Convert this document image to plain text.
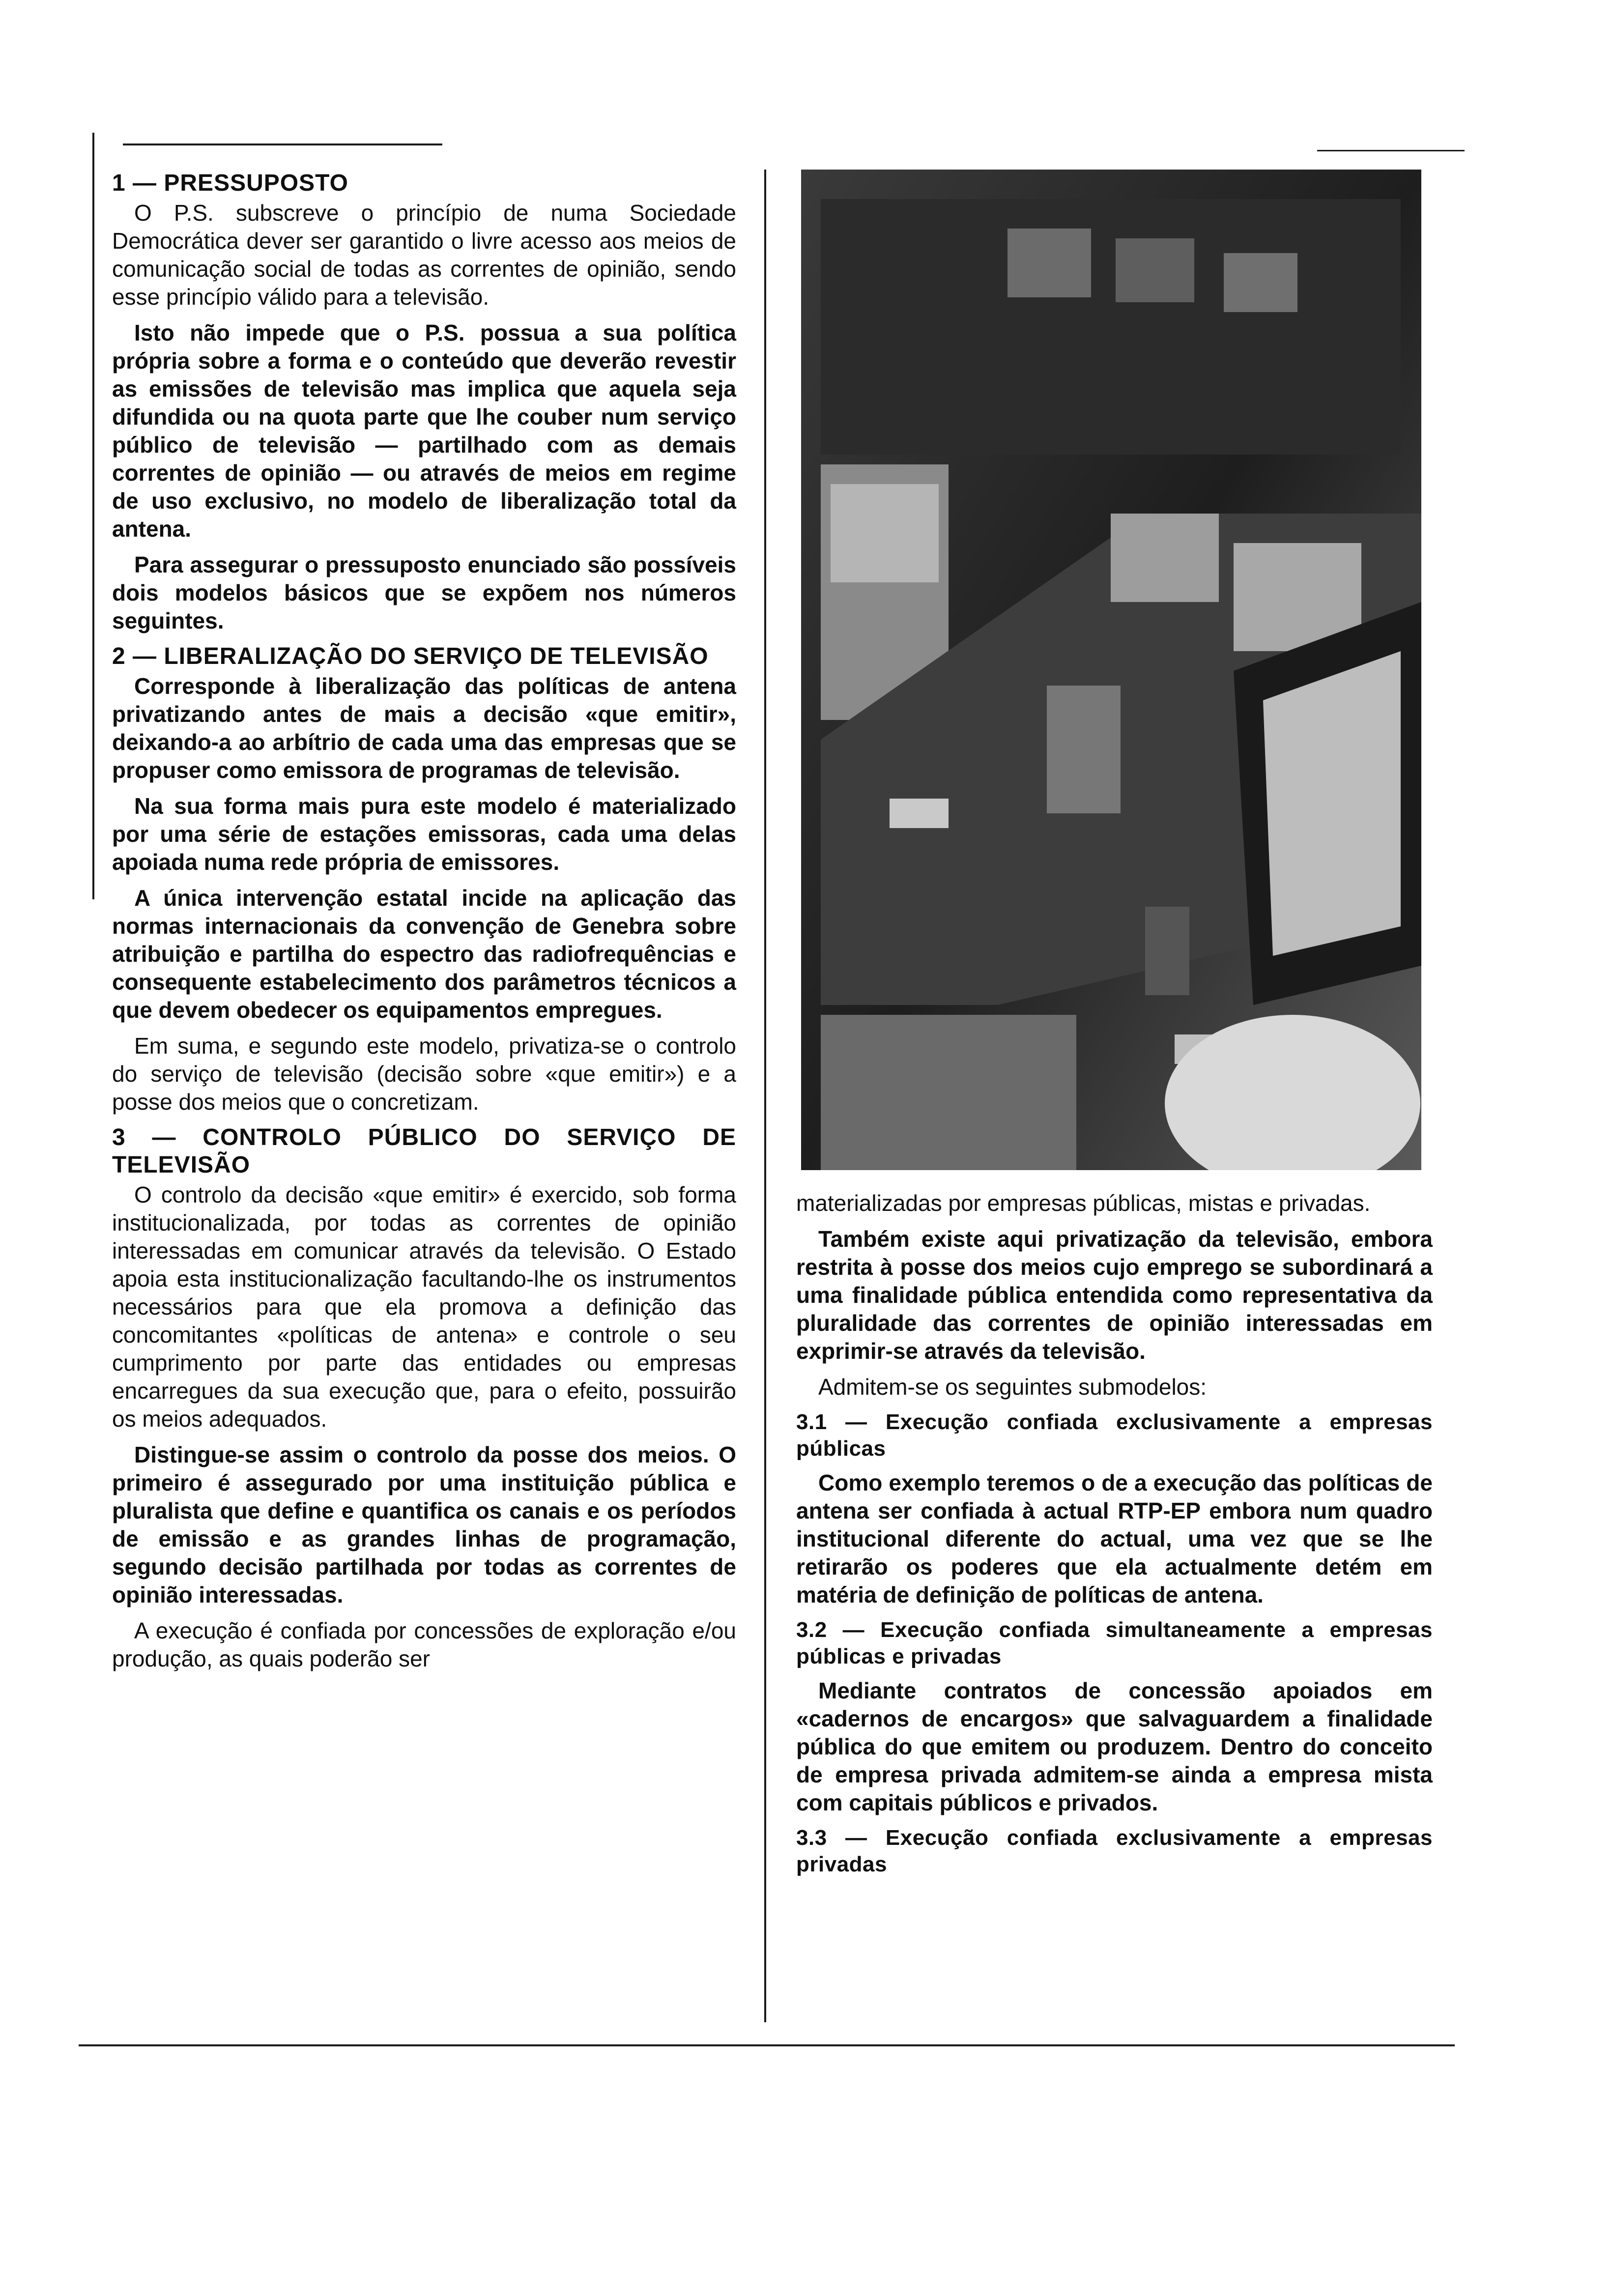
1 — PRESSUPOSTO

O P.S. subscreve o princípio de numa Sociedade Democrática dever ser garantido o livre acesso aos meios de comunicação social de todas as correntes de opinião, sendo esse princípio válido para a televisão.

Isto não impede que o P.S. possua a sua política própria sobre a forma e o conteúdo que deverão revestir as emissões de televisão mas implica que aquela seja difundida ou na quota parte que lhe couber num serviço público de televisão — partilhado com as demais correntes de opinião — ou através de meios em regime de uso exclusivo, no modelo de liberalização total da antena.

Para assegurar o pressuposto enunciado são possíveis dois modelos básicos que se expõem nos números seguintes.

2 — LIBERALIZAÇÃO DO SERVIÇO DE TELEVISÃO

Corresponde à liberalização das políticas de antena privatizando antes de mais a decisão «que emitir», deixando-a ao arbítrio de cada uma das empresas que se propuser como emissora de programas de televisão.

Na sua forma mais pura este modelo é materializado por uma série de estações emissoras, cada uma delas apoiada numa rede própria de emissores.

A única intervenção estatal incide na aplicação das normas internacionais da convenção de Genebra sobre atribuição e partilha do espectro das radiofrequências e consequente estabelecimento dos parâmetros técnicos a que devem obedecer os equipamentos empregues.

Em suma, e segundo este modelo, privatiza-se o controlo do serviço de televisão (decisão sobre «que emitir») e a posse dos meios que o concretizam.

3 — CONTROLO PÚBLICO DO SERVIÇO DE TELEVISÃO

O controlo da decisão «que emitir» é exercido, sob forma institucionalizada, por todas as correntes de opinião interessadas em comunicar através da televisão. O Estado apoia esta institucionalização facultando-lhe os instrumentos necessários para que ela promova a definição das concomitantes «políticas de antena» e controle o seu cumprimento por parte das entidades ou empresas encarregues da sua execução que, para o efeito, possuirão os meios adequados.

Distingue-se assim o controlo da posse dos meios. O primeiro é assegurado por uma instituição pública e pluralista que define e quantifica os canais e os períodos de emissão e as grandes linhas de programação, segundo decisão partilhada por todas as correntes de opinião interessadas.

A execução é confiada por concessões de exploração e/ou produção, as quais poderão ser

materializadas por empresas públicas, mistas e privadas.

Também existe aqui privatização da televisão, embora restrita à posse dos meios cujo emprego se subordinará a uma finalidade pública entendida como representativa da pluralidade das correntes de opinião interessadas em exprimir-se através da televisão.

Admitem-se os seguintes submodelos:

3.1 — Execução confiada exclusivamente a empresas públicas

Como exemplo teremos o de a execução das políticas de antena ser confiada à actual RTP-EP embora num quadro institucional diferente do actual, uma vez que se lhe retirarão os poderes que ela actualmente detém em matéria de definição de políticas de antena.

3.2 — Execução confiada simultaneamente a empresas públicas e privadas

Mediante contratos de concessão apoiados em «cadernos de encargos» que salvaguardem a finalidade pública do que emitem ou produzem. Dentro do conceito de empresa privada admitem-se ainda a empresa mista com capitais públicos e privados.

3.3 — Execução confiada exclusivamente a empresas privadas
